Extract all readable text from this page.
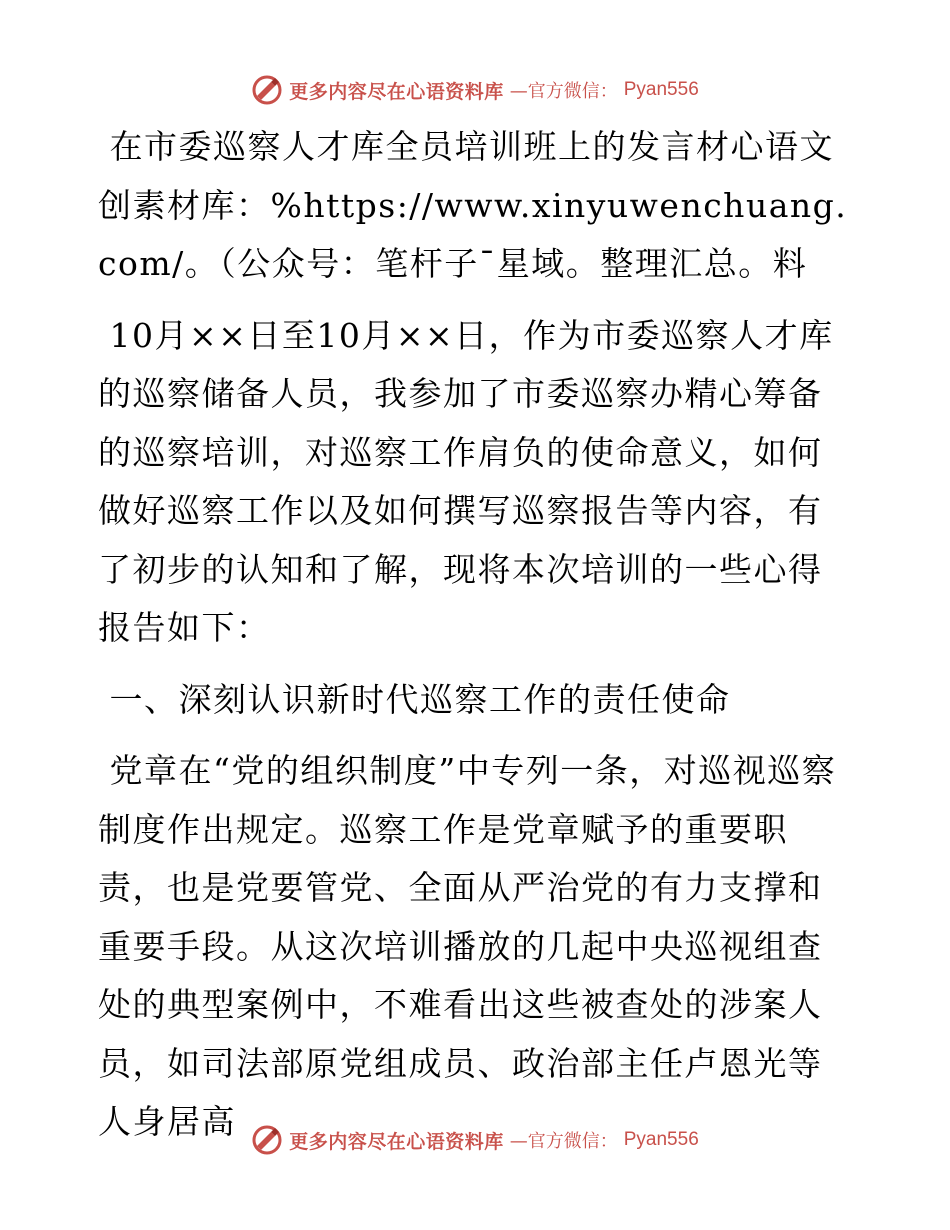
更多内容尽在心语资料库 —官方微信： Pyan556

在市委巡察人才库全员培训班上的发言材心语文创素材库：%https://www.xinyuwenchuang.com/。（公众号：笔杆子¯星域。整理汇总。料

10月××日至10月××日，作为市委巡察人才库的巡察储备人员，我参加了市委巡察办精心筹备的巡察培训，对巡察工作肩负的使命意义，如何做好巡察工作以及如何撰写巡察报告等内容，有了初步的认知和了解，现将本次培训的一些心得报告如下：

一、深刻认识新时代巡察工作的责任使命

党章在“党的组织制度”中专列一条，对巡视巡察制度作出规定。巡察工作是党章赋予的重要职责，也是党要管党、全面从严治党的有力支撑和重要手段。从这次培训播放的几起中央巡视组查处的典型案例中，不难看出这些被查处的涉案人员，如司法部原党组成员、政治部主任卢恩光等人身居高

更多内容尽在心语资料库 —官方微信： Pyan556
